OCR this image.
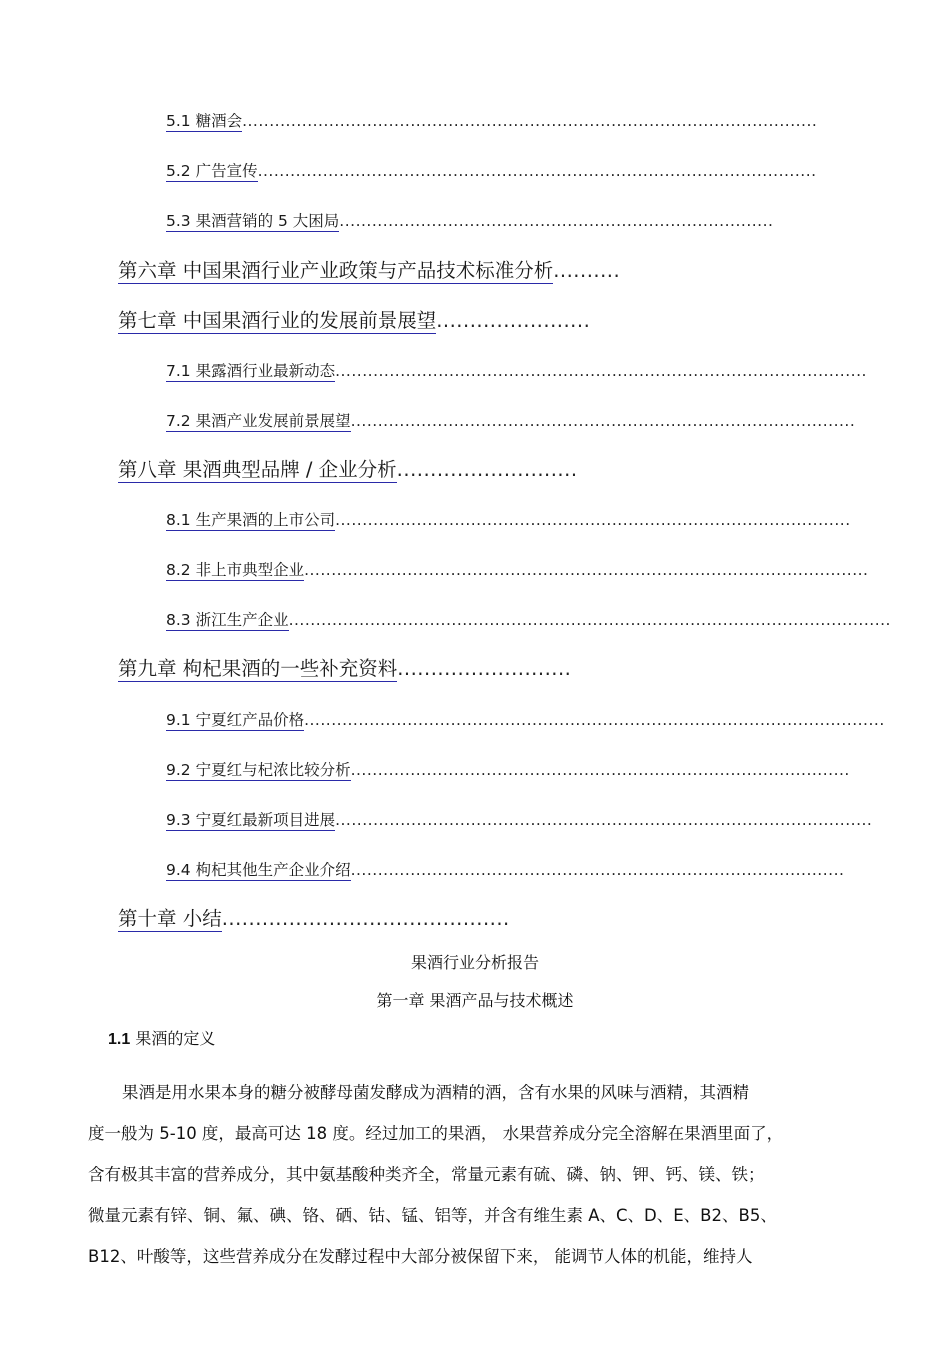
5.1 糖酒会..........................................................................................................
5.2 广告宣传.......................................................................................................
5.3 果酒营销的 5 大困局................................................................................
第六章 中国果酒行业产业政策与产品技术标准分析..........
第七章 中国果酒行业的发展前景展望.......................
7.1 果露酒行业最新动态..................................................................................................
7.2 果酒产业发展前景展望.............................................................................................
第八章 果酒典型品牌 / 企业分析...........................
8.1 生产果酒的上市公司...............................................................................................
8.2 非上市典型企业........................................................................................................
8.3 浙江生产企业...............................................................................................................
第九章 枸杞果酒的一些补充资料..........................
9.1 宁夏红产品价格...........................................................................................................
9.2 宁夏红与杞浓比较分析............................................................................................
9.3 宁夏红最新项目进展...................................................................................................
9.4 枸杞其他生产企业介绍...........................................................................................
第十章 小结...........................................
果酒行业分析报告
第一章 果酒产品与技术概述
1.1 果酒的定义
果酒是用水果本身的糖分被酵母菌发酵成为酒精的酒，含有水果的风味与酒精，其酒精
度一般为 5-10 度，最高可达 18 度。经过加工的果酒， 水果营养成分完全溶解在果酒里面了，
含有极其丰富的营养成分，其中氨基酸种类齐全，常量元素有硫、磷、钠、钾、钙、镁、铁；
微量元素有锌、铜、氟、碘、铬、硒、钴、锰、铝等，并含有维生素 A、C、D、E、B2、B5、
B12、叶酸等，这些营养成分在发酵过程中大部分被保留下来， 能调节人体的机能，维持人
